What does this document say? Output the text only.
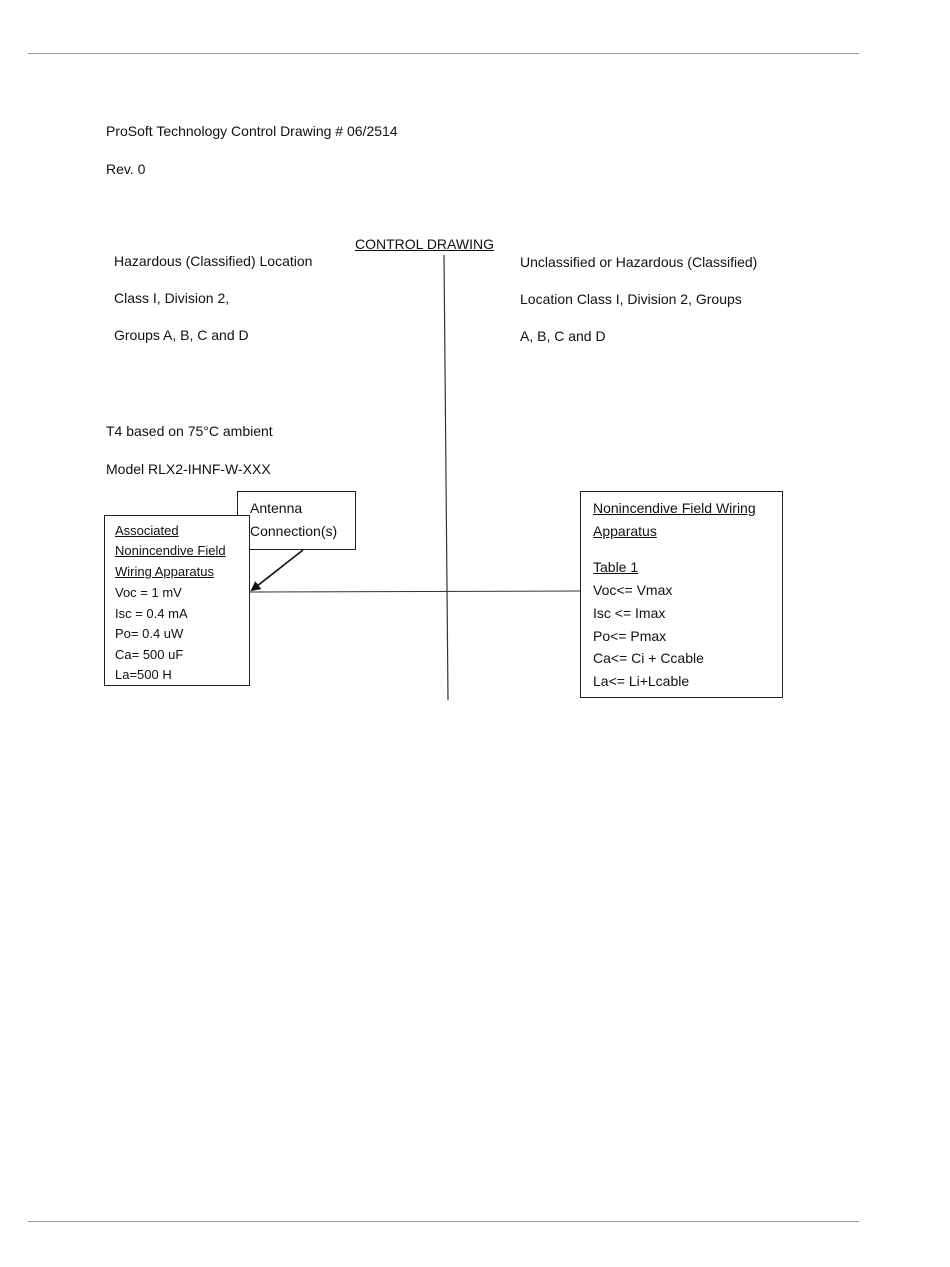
ProSoft Technology Control Drawing # 06/2514
Rev. 0
CONTROL DRAWING
Hazardous (Classified) Location
Class I, Division 2,
Groups A, B, C and D
Unclassified or Hazardous (Classified)
Location Class I, Division 2, Groups
A, B, C and D
T4 based on 75°C ambient
Model RLX2-IHNF-W-XXX
Antenna
Connection(s)
Associated
Nonincendive Field
Wiring Apparatus
Voc = 1 mV
Isc = 0.4 mA
Po= 0.4 uW
Ca= 500 uF
La=500 H
Nonincendive Field Wiring
Apparatus
Table 1
Voc<= Vmax
Isc <= Imax
Po<= Pmax
Ca<= Ci + Ccable
La<= Li+Lcable
